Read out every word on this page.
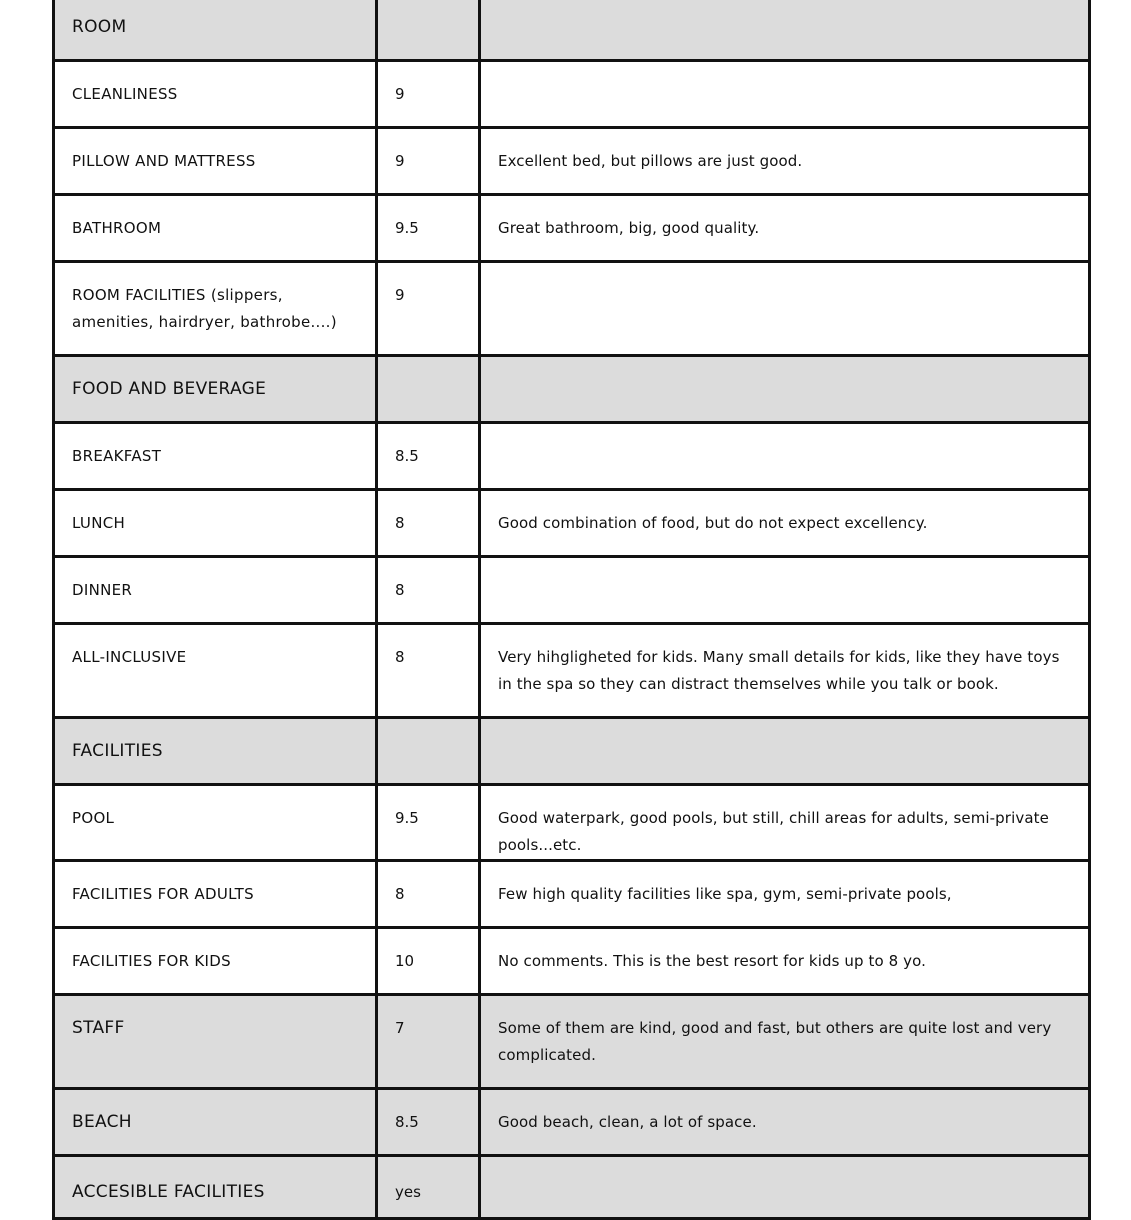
ROOM		

CLEANLINESS	9	

PILLOW AND MATTRESS	9	Excellent bed, but pillows are just good.

BATHROOM	9.5	Great bathroom, big, good quality.

ROOM FACILITIES (slippers, amenities, hairdryer, bathrobe....)	9	

FOOD AND BEVERAGE		

BREAKFAST	8.5	

LUNCH	8	Good combination of food, but do not expect excellency.

DINNER	8	

ALL-INCLUSIVE	8	Very hihgligheted for kids. Many small details for kids, like they have toys in the spa so they can distract themselves while you talk or book.

FACILITIES		

POOL	9.5	Good waterpark, good pools, but still, chill areas for adults, semi-private pools...etc.

FACILITIES FOR ADULTS	8	Few high quality facilities like spa, gym, semi-private pools,

FACILITIES FOR KIDS	10	No comments. This is the best resort for kids up to 8 yo.

STAFF	7	Some of them are kind, good and fast, but others are quite lost and very complicated.

BEACH	8.5	Good beach, clean, a lot of space.

ACCESIBLE FACILITIES	yes	
